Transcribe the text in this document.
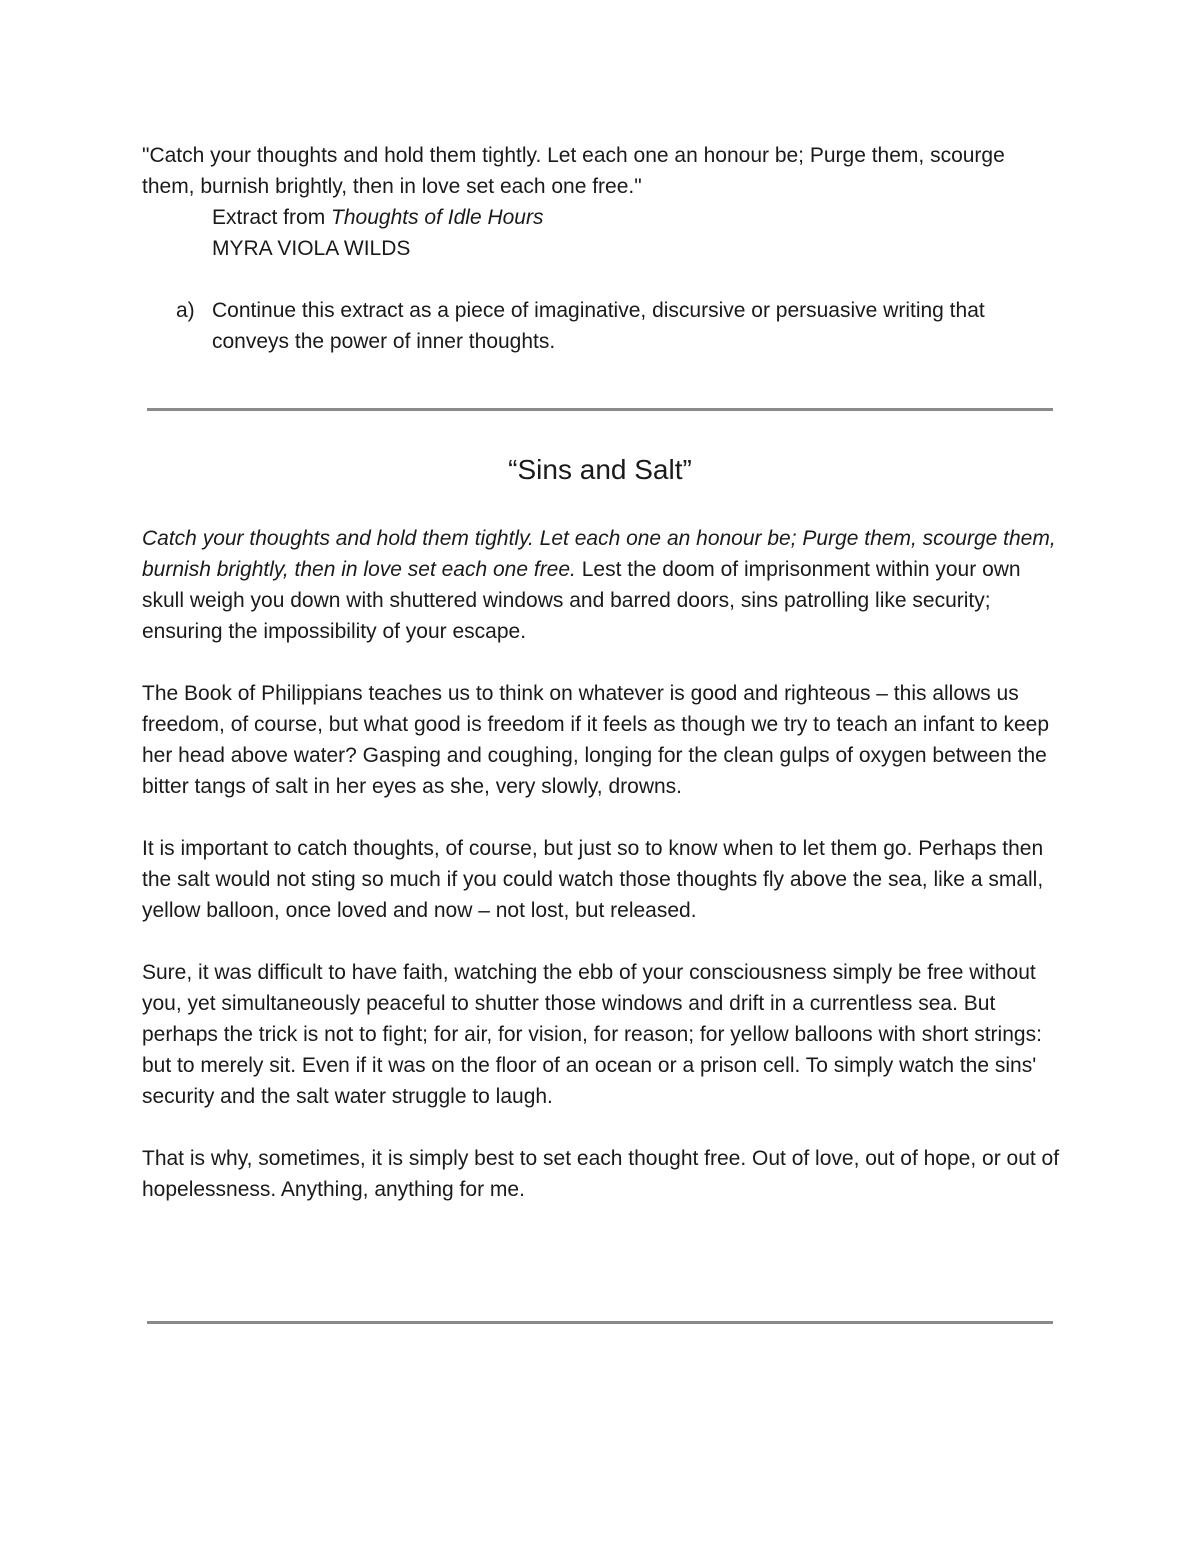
"Catch your thoughts and hold them tightly. Let each one an honour be; Purge them, scourge them, burnish brightly, then in love set each one free."

Extract from Thoughts of Idle Hours

MYRA VIOLA WILDS

a) Continue this extract as a piece of imaginative, discursive or persuasive writing that conveys the power of inner thoughts.
“Sins and Salt”

Catch your thoughts and hold them tightly. Let each one an honour be; Purge them, scourge them, burnish brightly, then in love set each one free. Lest the doom of imprisonment within your own skull weigh you down with shuttered windows and barred doors, sins patrolling like security; ensuring the impossibility of your escape.

The Book of Philippians teaches us to think on whatever is good and righteous – this allows us freedom, of course, but what good is freedom if it feels as though we try to teach an infant to keep her head above water? Gasping and coughing, longing for the clean gulps of oxygen between the bitter tangs of salt in her eyes as she, very slowly, drowns.

It is important to catch thoughts, of course, but just so to know when to let them go. Perhaps then the salt would not sting so much if you could watch those thoughts fly above the sea, like a small, yellow balloon, once loved and now – not lost, but released.

Sure, it was difficult to have faith, watching the ebb of your consciousness simply be free without you, yet simultaneously peaceful to shutter those windows and drift in a currentless sea. But perhaps the trick is not to fight; for air, for vision, for reason; for yellow balloons with short strings: but to merely sit. Even if it was on the floor of an ocean or a prison cell. To simply watch the sins' security and the salt water struggle to laugh.

That is why, sometimes, it is simply best to set each thought free. Out of love, out of hope, or out of hopelessness. Anything, anything for me.
